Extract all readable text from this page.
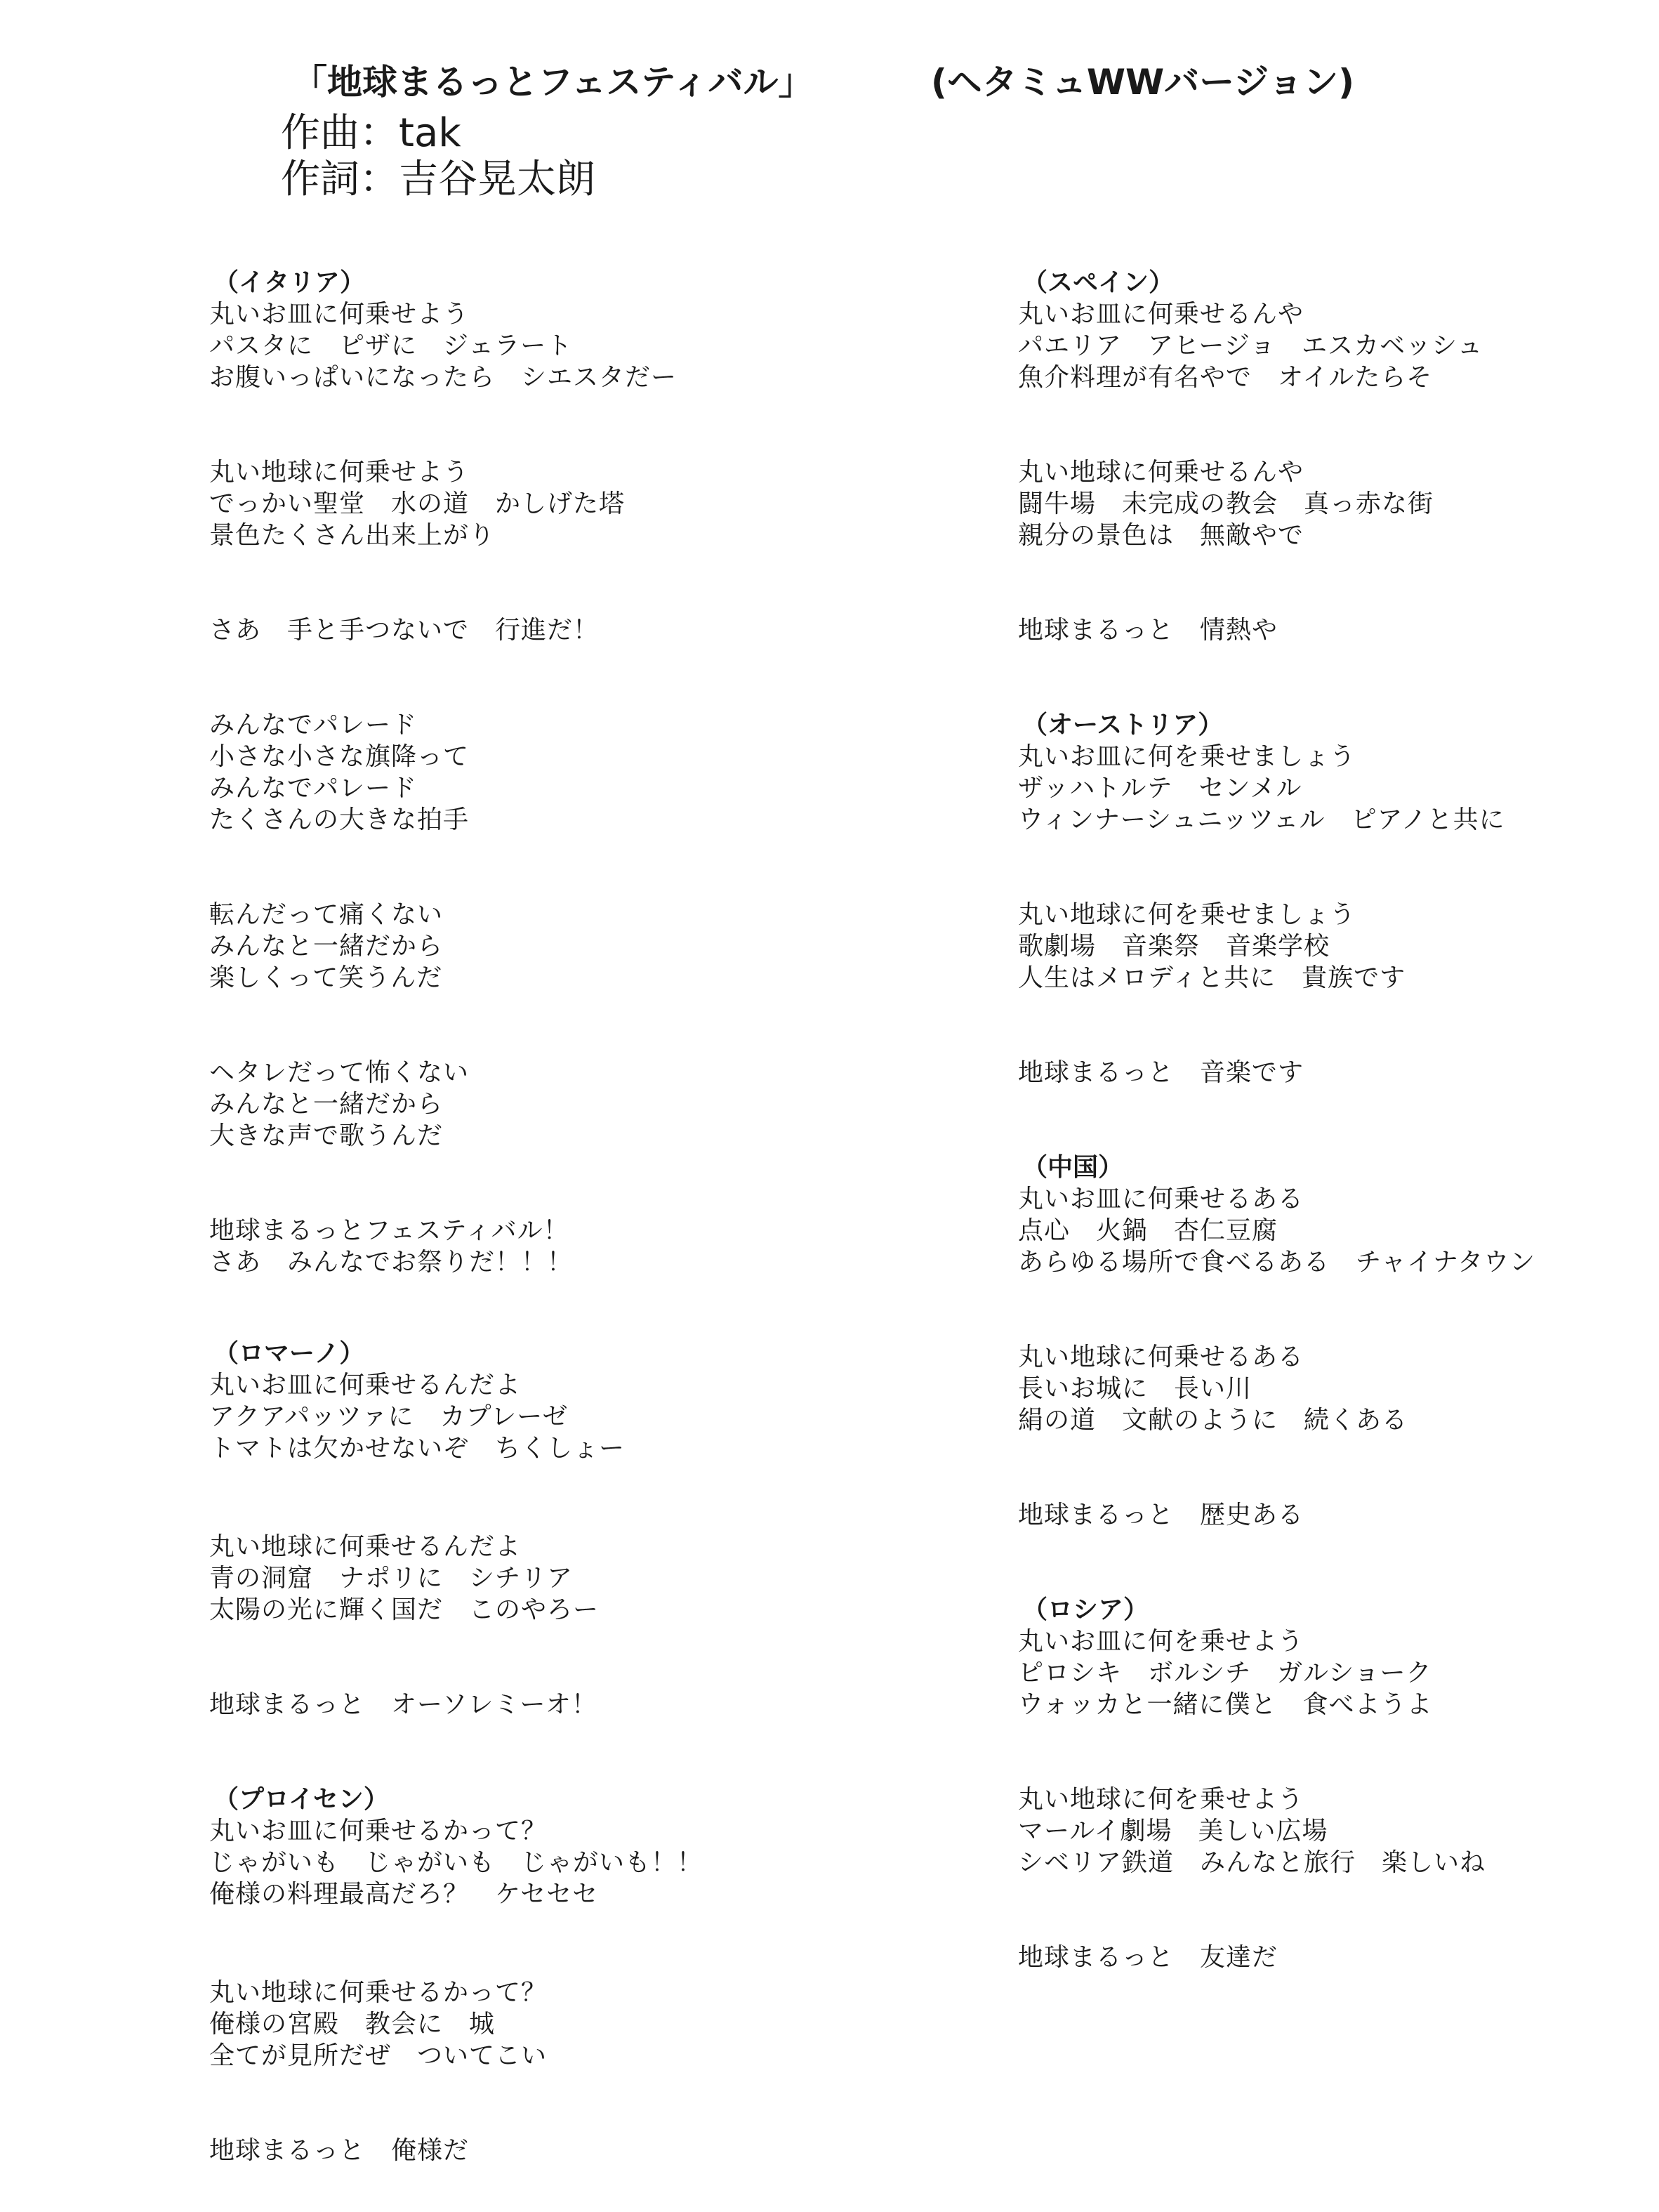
「地球まるっとフェスティバル」	(ヘタミュWWバージョン)
作曲：tak
作詞：吉谷晃太朗
（イタリア）
丸いお皿に何乗せよう
パスタに　ピザに　ジェラート
お腹いっぱいになったら　シエスタだー
丸い地球に何乗せよう
でっかい聖堂　水の道　かしげた塔
景色たくさん出来上がり
さあ　手と手つないで　行進だ！
みんなでパレード
小さな小さな旗降って
みんなでパレード
たくさんの大きな拍手
転んだって痛くない
みんなと一緒だから
楽しくって笑うんだ
ヘタレだって怖くない
みんなと一緒だから
大きな声で歌うんだ
地球まるっとフェスティバル！
さあ　みんなでお祭りだ！！！
（ロマーノ）
丸いお皿に何乗せるんだよ
アクアパッツァに　カプレーゼ
トマトは欠かせないぞ　ちくしょー
丸い地球に何乗せるんだよ
青の洞窟　ナポリに　シチリア
太陽の光に輝く国だ　このやろー
地球まるっと　オーソレミーオ！
（プロイセン）
丸いお皿に何乗せるかって？
じゃがいも　じゃがいも　じゃがいも！！
俺様の料理最高だろ？　ケセセセ
丸い地球に何乗せるかって？
俺様の宮殿　教会に　城
全てが見所だぜ　ついてこい
地球まるっと　俺様だ
（スペイン）
丸いお皿に何乗せるんや
パエリア　アヒージョ　エスカベッシュ
魚介料理が有名やで　オイルたらそ
丸い地球に何乗せるんや
闘牛場　未完成の教会　真っ赤な街
親分の景色は　無敵やで
地球まるっと　情熱や
（オーストリア）
丸いお皿に何を乗せましょう
ザッハトルテ　センメル
ウィンナーシュニッツェル　ピアノと共に
丸い地球に何を乗せましょう
歌劇場　音楽祭　音楽学校
人生はメロディと共に　貴族です
地球まるっと　音楽です
（中国）
丸いお皿に何乗せるある
点心　火鍋　杏仁豆腐
あらゆる場所で食べるある　チャイナタウン
丸い地球に何乗せるある
長いお城に　長い川
絹の道　文献のように　続くある
地球まるっと　歴史ある
（ロシア）
丸いお皿に何を乗せよう
ピロシキ　ボルシチ　ガルショーク
ウォッカと一緒に僕と　食べようよ
丸い地球に何を乗せよう
マールイ劇場　美しい広場
シベリア鉄道　みんなと旅行　楽しいね
地球まるっと　友達だ
